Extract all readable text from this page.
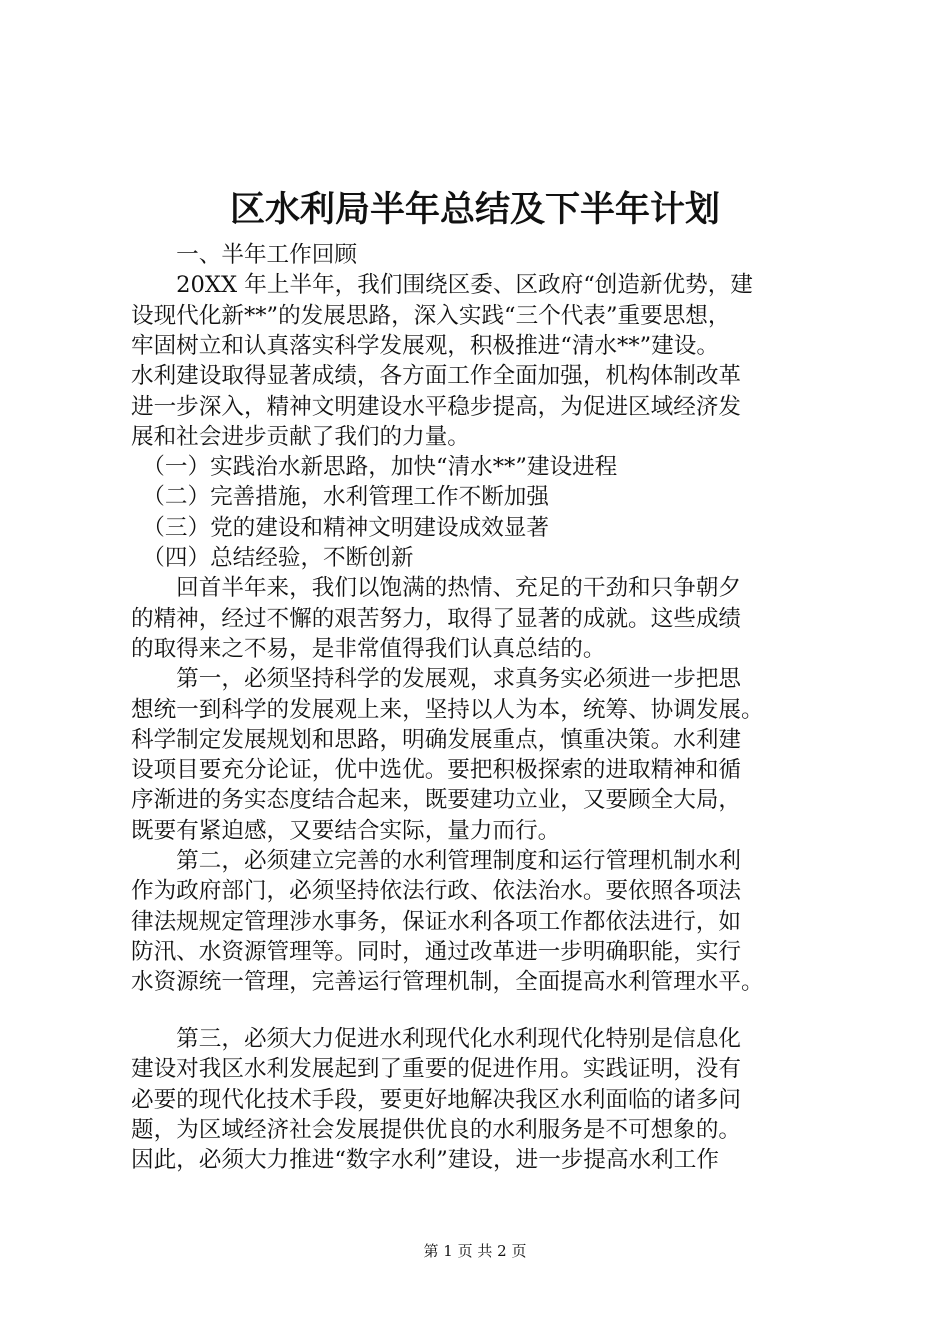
区水利局半年总结及下半年计划
　　一、半年工作回顾
　　20XX 年上半年，我们围绕区委、区政府“创造新优势，建
设现代化新**”的发展思路，深入实践“三个代表”重要思想，
牢固树立和认真落实科学发展观，积极推进“清水**”建设。
水利建设取得显著成绩，各方面工作全面加强，机构体制改革
进一步深入，精神文明建设水平稳步提高，为促进区域经济发
展和社会进步贡献了我们的力量。
　（一）实践治水新思路，加快“清水**”建设进程
　（二）完善措施，水利管理工作不断加强
　（三）党的建设和精神文明建设成效显著
　（四）总结经验，不断创新
　　回首半年来，我们以饱满的热情、充足的干劲和只争朝夕
的精神，经过不懈的艰苦努力，取得了显著的成就。这些成绩
的取得来之不易，是非常值得我们认真总结的。
　　第一，必须坚持科学的发展观，求真务实必须进一步把思
想统一到科学的发展观上来，坚持以人为本，统筹、协调发展。
科学制定发展规划和思路，明确发展重点，慎重决策。水利建
设项目要充分论证，优中选优。要把积极探索的进取精神和循
序渐进的务实态度结合起来，既要建功立业，又要顾全大局，
既要有紧迫感，又要结合实际，量力而行。
　　第二，必须建立完善的水利管理制度和运行管理机制水利
作为政府部门，必须坚持依法行政、依法治水。要依照各项法
律法规规定管理涉水事务，保证水利各项工作都依法进行，如
防汛、水资源管理等。同时，通过改革进一步明确职能，实行
水资源统一管理，完善运行管理机制，全面提高水利管理水平。
　　第三，必须大力促进水利现代化水利现代化特别是信息化
建设对我区水利发展起到了重要的促进作用。实践证明，没有
必要的现代化技术手段，要更好地解决我区水利面临的诸多问
题，为区域经济社会发展提供优良的水利服务是不可想象的。
因此，必须大力推进“数字水利”建设，进一步提高水利工作
第 1 页 共 2 页
